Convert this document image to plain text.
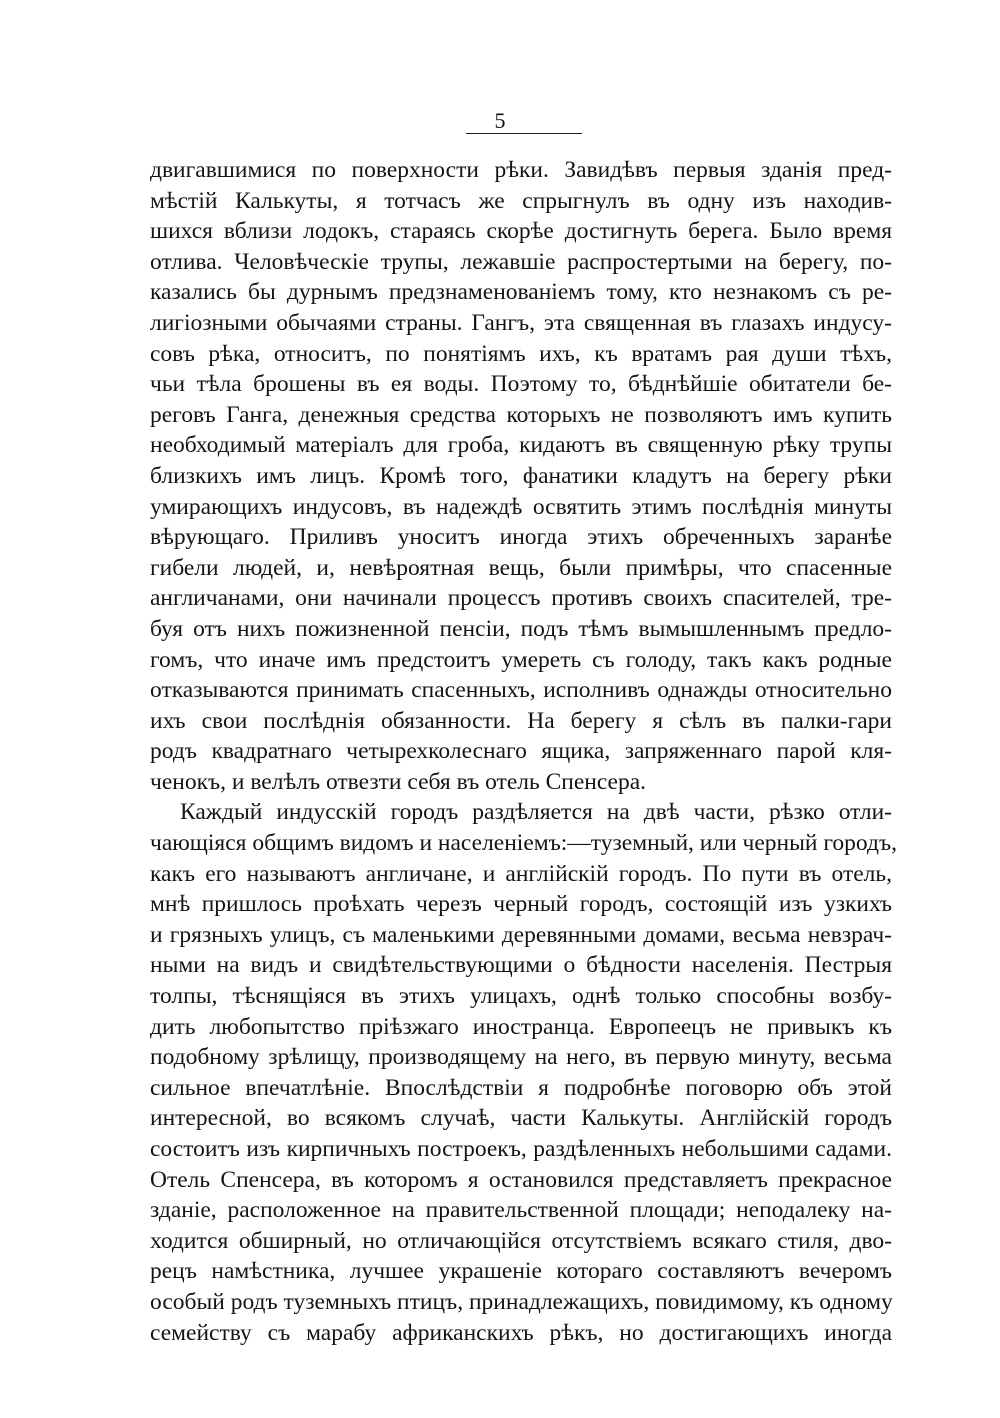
5
двигавшимися по поверхности рѣки. Завидѣвъ первыя зданія пред-
мѣстій Калькуты, я тотчасъ же спрыгнулъ въ одну изъ находив-
шихся вблизи лодокъ, стараясь скорѣе достигнуть берега. Было время
отлива. Человѣческіе трупы, лежавшіе распростертыми на берегу, по-
казались бы дурнымъ предзнаменованіемъ тому, кто незнакомъ съ ре-
лигіозными обычаями страны. Гангъ, эта священная въ глазахъ индусу-
совъ рѣка, относитъ, по понятіямъ ихъ, къ вратамъ рая души тѣхъ,
чьи тѣла брошены въ ея воды. Поэтому то, бѣднѣйшіе обитатели бе-
реговъ Ганга, денежныя средства которыхъ не позволяютъ имъ купить
необходимый матеріалъ для гроба, кидаютъ въ священную рѣку трупы
близкихъ имъ лицъ. Кромѣ того, фанатики кладутъ на берегу рѣки
умирающихъ индусовъ, въ надеждѣ освятить этимъ послѣднія минуты
вѣрующаго. Приливъ уноситъ иногда этихъ обреченныхъ заранѣе
гибели людей, и, невѣроятная вещь, были примѣры, что спасенные
англичанами, они начинали процессъ противъ своихъ спасителей, тре-
буя отъ нихъ пожизненной пенсіи, подъ тѣмъ вымышленнымъ предло-
гомъ, что иначе имъ предстоитъ умереть съ голоду, такъ какъ родные
отказываются принимать спасенныхъ, исполнивъ однажды относительно
ихъ свои послѣднія обязанности. На берегу я сѣлъ въ палки-гари
родъ квадратнаго четырехколеснаго ящика, запряженнаго парой кля-
ченокъ, и велѣлъ отвезти себя въ отель Спенсера.
Каждый индусскій городъ раздѣляется на двѣ части, рѣзко отли-
чающіяся общимъ видомъ и населеніемъ:—туземный, или черный городъ,
какъ его называютъ англичане, и англійскій городъ. По пути въ отель,
мнѣ пришлось проѣхать черезъ черный городъ, состоящій изъ узкихъ
и грязныхъ улицъ, съ маленькими деревянными домами, весьма невзрач-
ными на видъ и свидѣтельствующими о бѣдности населенія. Пестрыя
толпы, тѣснящіяся въ этихъ улицахъ, однѣ только способны возбу-
дить любопытство пріѣзжаго иностранца. Европеецъ не привыкъ къ
подобному зрѣлищу, производящему на него, въ первую минуту, весьма
сильное впечатлѣніе. Впослѣдствіи я подробнѣе поговорю объ этой
интересной, во всякомъ случаѣ, части Калькуты. Англійскій городъ
состоитъ изъ кирпичныхъ построекъ, раздѣленныхъ небольшими садами.
Отель Спенсера, въ которомъ я остановился представляетъ прекрасное
зданіе, расположенное на правительственной площади; неподалеку на-
ходится обширный, но отличающійся отсутствіемъ всякаго стиля, дво-
рецъ намѣстника, лучшее украшеніе котораго составляютъ вечеромъ
особый родъ туземныхъ птицъ, принадлежащихъ, повидимому, къ одному
семейству съ марабу африканскихъ рѣкъ, но достигающихъ иногда
